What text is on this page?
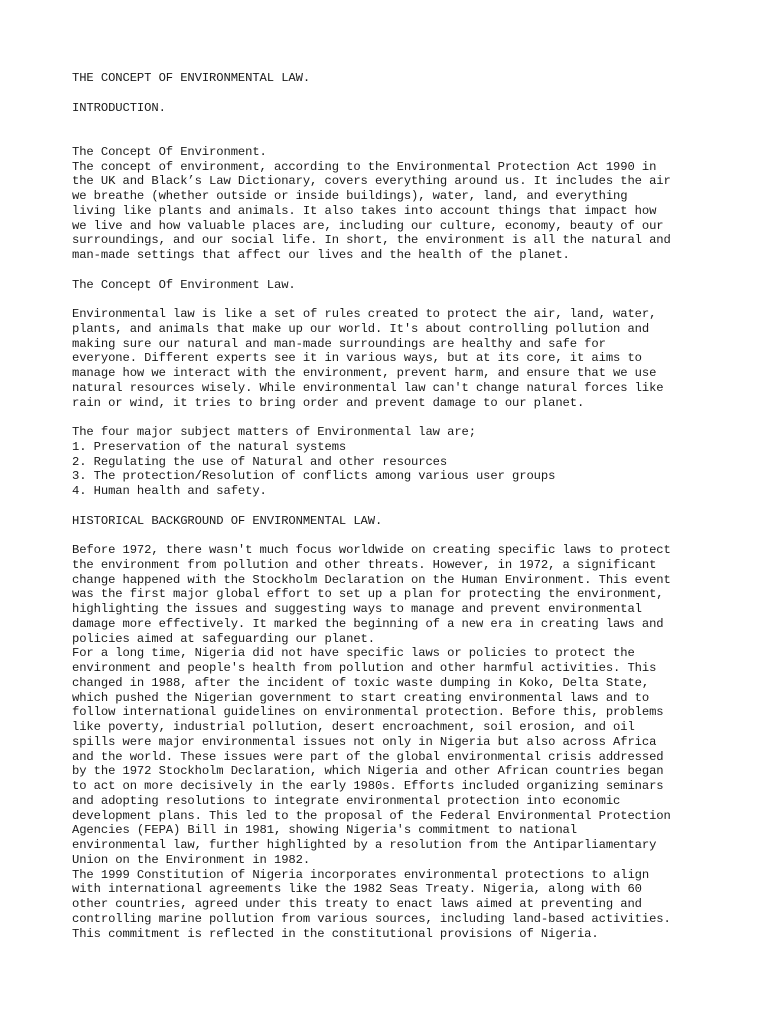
THE CONCEPT OF ENVIRONMENTAL LAW.
INTRODUCTION.
The Concept Of Environment.
The concept of environment, according to the Environmental Protection Act 1990 in
the UK and Black’s Law Dictionary, covers everything around us. It includes the air
we breathe (whether outside or inside buildings), water, land, and everything
living like plants and animals. It also takes into account things that impact how
we live and how valuable places are, including our culture, economy, beauty of our
surroundings, and our social life. In short, the environment is all the natural and
man-made settings that affect our lives and the health of the planet.
The Concept Of Environment Law.
Environmental law is like a set of rules created to protect the air, land, water,
plants, and animals that make up our world. It's about controlling pollution and
making sure our natural and man-made surroundings are healthy and safe for
everyone. Different experts see it in various ways, but at its core, it aims to
manage how we interact with the environment, prevent harm, and ensure that we use
natural resources wisely. While environmental law can't change natural forces like
rain or wind, it tries to bring order and prevent damage to our planet.
The four major subject matters of Environmental law are;
1. Preservation of the natural systems
2. Regulating the use of Natural and other resources
3. The protection/Resolution of conflicts among various user groups
4. Human health and safety.
HISTORICAL BACKGROUND OF ENVIRONMENTAL LAW.
Before 1972, there wasn't much focus worldwide on creating specific laws to protect
the environment from pollution and other threats. However, in 1972, a significant
change happened with the Stockholm Declaration on the Human Environment. This event
was the first major global effort to set up a plan for protecting the environment,
highlighting the issues and suggesting ways to manage and prevent environmental
damage more effectively. It marked the beginning of a new era in creating laws and
policies aimed at safeguarding our planet.
For a long time, Nigeria did not have specific laws or policies to protect the
environment and people's health from pollution and other harmful activities. This
changed in 1988, after the incident of toxic waste dumping in Koko, Delta State,
which pushed the Nigerian government to start creating environmental laws and to
follow international guidelines on environmental protection. Before this, problems
like poverty, industrial pollution, desert encroachment, soil erosion, and oil
spills were major environmental issues not only in Nigeria but also across Africa
and the world. These issues were part of the global environmental crisis addressed
by the 1972 Stockholm Declaration, which Nigeria and other African countries began
to act on more decisively in the early 1980s. Efforts included organizing seminars
and adopting resolutions to integrate environmental protection into economic
development plans. This led to the proposal of the Federal Environmental Protection
Agencies (FEPA) Bill in 1981, showing Nigeria's commitment to national
environmental law, further highlighted by a resolution from the Antiparliamentary
Union on the Environment in 1982.
The 1999 Constitution of Nigeria incorporates environmental protections to align
with international agreements like the 1982 Seas Treaty. Nigeria, along with 60
other countries, agreed under this treaty to enact laws aimed at preventing and
controlling marine pollution from various sources, including land-based activities.
This commitment is reflected in the constitutional provisions of Nigeria.
